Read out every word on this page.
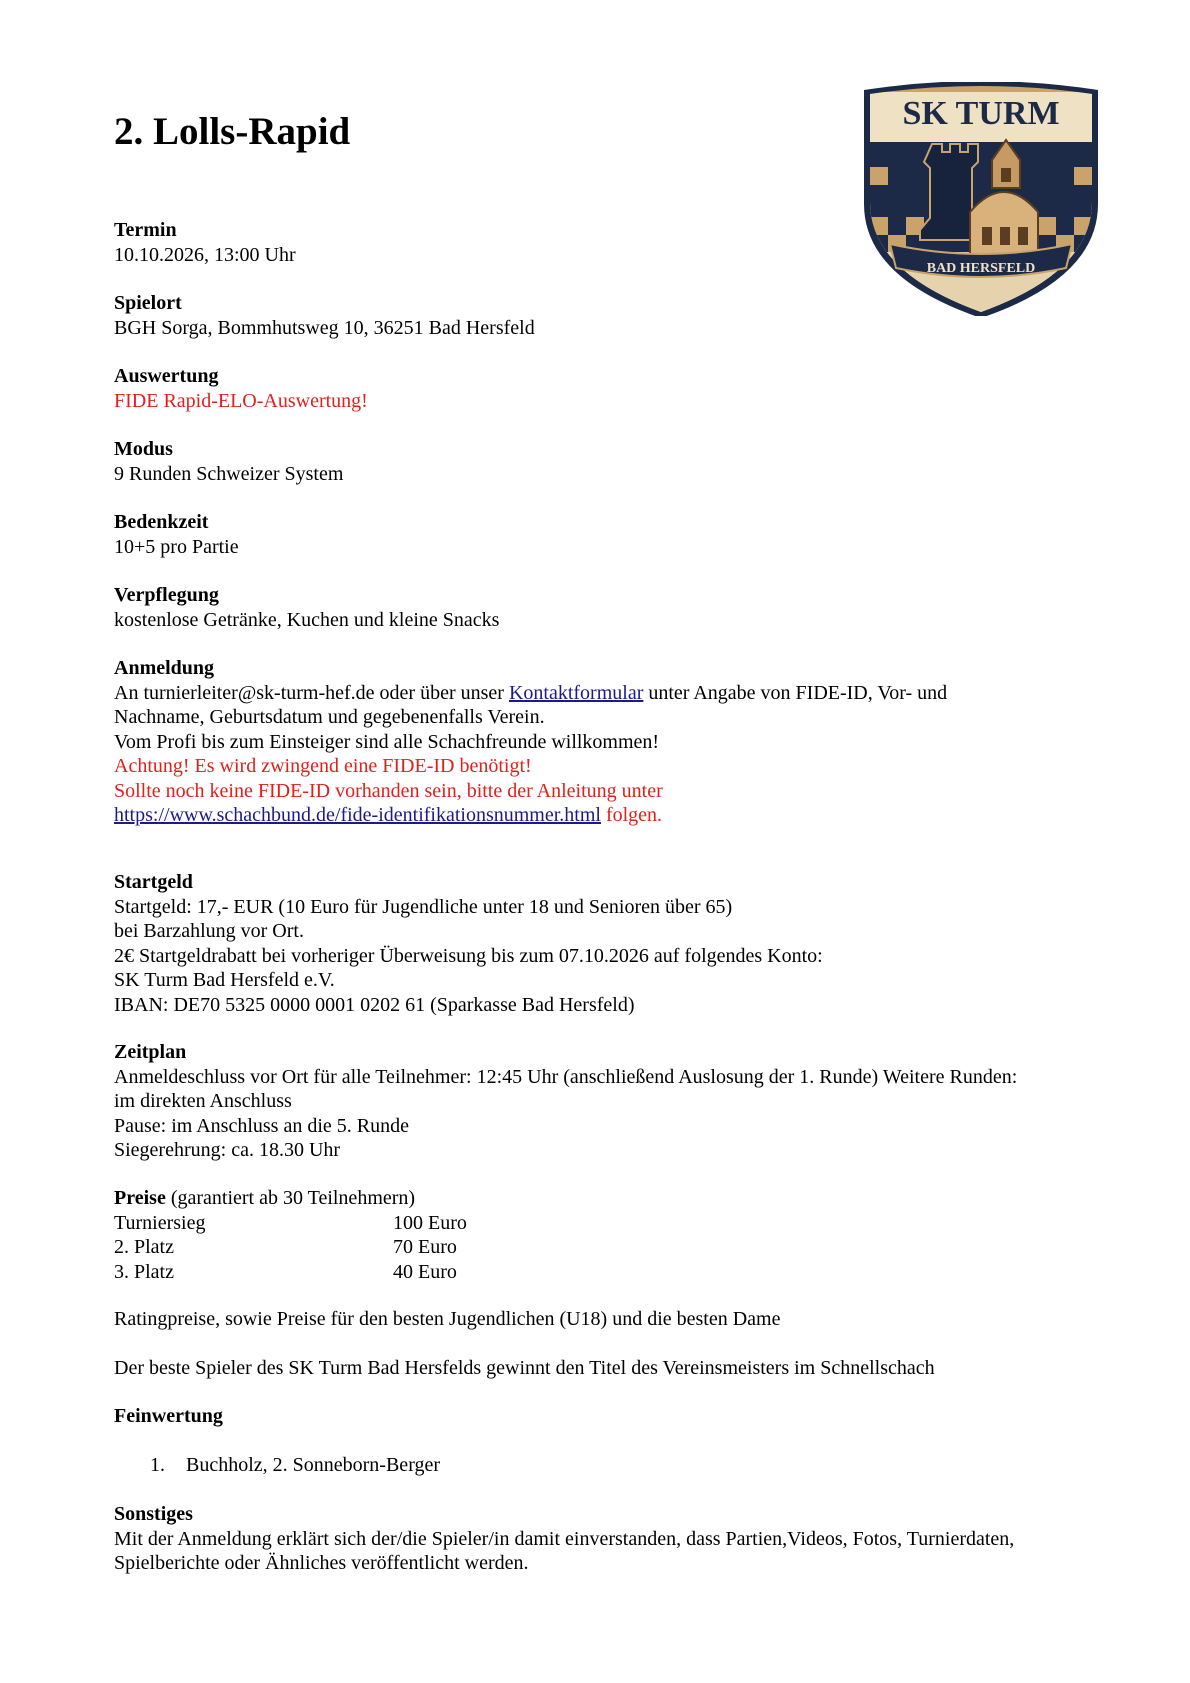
2. Lolls-Rapid	SK TURM
BAD HERSFELD
Termin
10.10.2026, 13:00 Uhr
Spielort
BGH Sorga, Bommhutsweg 10, 36251 Bad Hersfeld
Auswertung
FIDE Rapid-ELO-Auswertung!
Modus
9 Runden Schweizer System
Bedenkzeit
10+5 pro Partie
Verpflegung
kostenlose Getränke, Kuchen und kleine Snacks
Anmeldung
An turnierleiter@sk-turm-hef.de oder über unser Kontaktformular unter Angabe von FIDE-ID, Vor- und
Nachname, Geburtsdatum und gegebenenfalls Verein.
Vom Profi bis zum Einsteiger sind alle Schachfreunde willkommen!
Achtung! Es wird zwingend eine FIDE-ID benötigt!
Sollte noch keine FIDE-ID vorhanden sein, bitte der Anleitung unter
https://www.schachbund.de/fide-identifikationsnummer.html folgen.
Startgeld
Startgeld: 17,- EUR (10 Euro für Jugendliche unter 18 und Senioren über 65)
bei Barzahlung vor Ort.
2€ Startgeldrabatt bei vorheriger Überweisung bis zum 07.10.2026 auf folgendes Konto:
SK Turm Bad Hersfeld e.V.
IBAN: DE70 5325 0000 0001 0202 61 (Sparkasse Bad Hersfeld)
Zeitplan
Anmeldeschluss vor Ort für alle Teilnehmer: 12:45 Uhr (anschließend Auslosung der 1. Runde) Weitere Runden:
im direkten Anschluss
Pause: im Anschluss an die 5. Runde
Siegerehrung: ca. 18.30 Uhr
Preise (garantiert ab 30 Teilnehmern)
Turniersieg	100 Euro
2. Platz	70 Euro
3. Platz	40 Euro
Ratingpreise, sowie Preise für den besten Jugendlichen (U18) und die besten Dame
Der beste Spieler des SK Turm Bad Hersfelds gewinnt den Titel des Vereinsmeisters im Schnellschach
Feinwertung
1. Buchholz, 2. Sonneborn-Berger
Sonstiges
Mit der Anmeldung erklärt sich der/die Spieler/in damit einverstanden, dass Partien,Videos, Fotos, Turnierdaten,
Spielberichte oder Ähnliches veröffentlicht werden.
